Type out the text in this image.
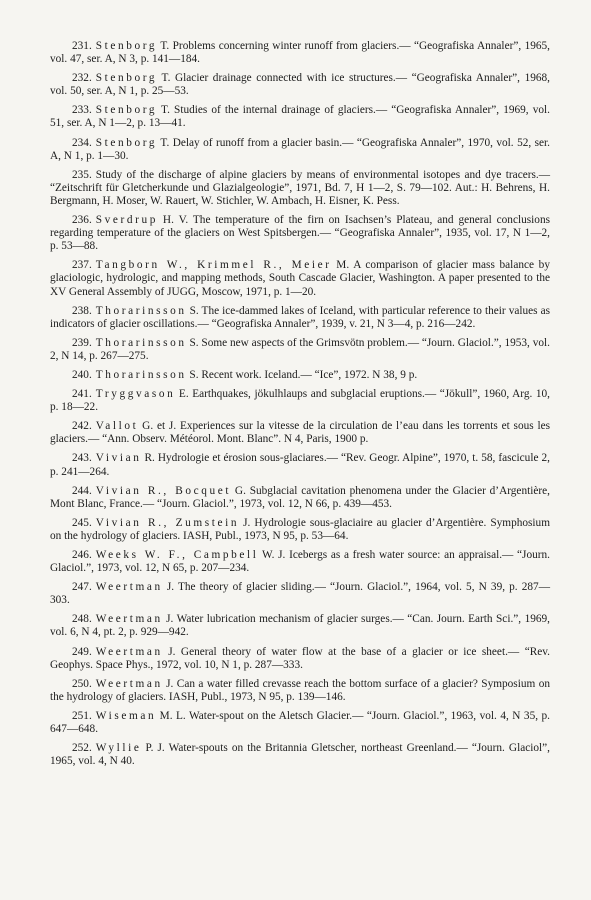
231. Stenborg T. Problems concerning winter runoff from glaciers.— “Geografiska Annaler”, 1965, vol. 47, ser. A, N 3, p. 141—184.

232. Stenborg T. Glacier drainage connected with ice structures.— “Geografiska Annaler”, 1968, vol. 50, ser. A, N 1, p. 25—53.

233. Stenborg T. Studies of the internal drainage of glaciers.— “Geografiska Annaler”, 1969, vol. 51, ser. A, N 1—2, p. 13—41.

234. Stenborg T. Delay of runoff from a glacier basin.— “Geografiska Annaler”, 1970, vol. 52, ser. A, N 1, p. 1—30.

235. Study of the discharge of alpine glaciers by means of environmental isotopes and dye tracers.— “Zeitschrift für Gletcherkunde und Glazialgeologie”, 1971, Bd. 7, H 1—2, S. 79—102. Aut.: H. Behrens, H. Bergmann, H. Moser, W. Rauert, W. Stichler, W. Ambach, H. Eisner, K. Pess.

236. Sverdrup H. V. The temperature of the firn on Isachsen’s Plateau, and general conclusions regarding temperature of the glaciers on West Spitsbergen.— “Geografiska Annaler”, 1935, vol. 17, N 1—2, p. 53—88.

237. Tangborn W., Krimmel R., Meier M. A comparison of glacier mass balance by glaciologic, hydrologic, and mapping methods, South Cascade Glacier, Washington. A paper presented to the XV General Assembly of JUGG, Moscow, 1971, p. 1—20.

238. Thorarinsson S. The ice-dammed lakes of Iceland, with particular reference to their values as indicators of glacier oscillations.— “Geografiska Annaler”, 1939, v. 21, N 3—4, p. 216—242.

239. Thorarinsson S. Some new aspects of the Grimsvötn problem.— “Journ. Glaciol.”, 1953, vol. 2, N 14, p. 267—275.

240. Thorarinsson S. Recent work. Iceland.— “Ice”, 1972. N 38, 9 p.

241. Tryggvason E. Earthquakes, jökulhlaups and subglacial eruptions.— “Jökull”, 1960, Arg. 10, p. 18—22.

242. Vallot G. et J. Experiences sur la vitesse de la circulation de l’eau dans les torrents et sous les glaciers.— “Ann. Observ. Météorol. Mont. Blanc”. N 4, Paris, 1900 p.

243. Vivian R. Hydrologie et érosion sous-glaciares.— “Rev. Geogr. Alpine”, 1970, t. 58, fascicule 2, p. 241—264.

244. Vivian R., Bocquet G. Subglacial cavitation phenomena under the Glacier d’Argentière, Mont Blanc, France.— “Journ. Glaciol.”, 1973, vol. 12, N 66, p. 439—453.

245. Vivian R., Zumstein J. Hydrologie sous-glaciaire au glacier d’Argentière. Symphosium on the hydrology of glaciers. IASH, Publ., 1973, N 95, p. 53—64.

246. Weeks W. F., Campbell W. J. Icebergs as a fresh water source: an appraisal.— “Journ. Glaciol.”, 1973, vol. 12, N 65, p. 207—234.

247. Weertman J. The theory of glacier sliding.— “Journ. Glaciol.”, 1964, vol. 5, N 39, p. 287—303.

248. Weertman J. Water lubrication mechanism of glacier surges.— “Can. Journ. Earth Sci.”, 1969, vol. 6, N 4, pt. 2, p. 929—942.

249. Weertman J. General theory of water flow at the base of a glacier or ice sheet.— “Rev. Geophys. Space Phys., 1972, vol. 10, N 1, p. 287—333.

250. Weertman J. Can a water filled crevasse reach the bottom surface of a glacier? Symposium on the hydrology of glaciers. IASH, Publ., 1973, N 95, p. 139—146.

251. Wiseman M. L. Water-spout on the Aletsch Glacier.— “Journ. Glaciol.”, 1963, vol. 4, N 35, p. 647—648.

252. Wyllie P. J. Water-spouts on the Britannia Gletscher, northeast Greenland.— “Journ. Glaciol”, 1965, vol. 4, N 40.
